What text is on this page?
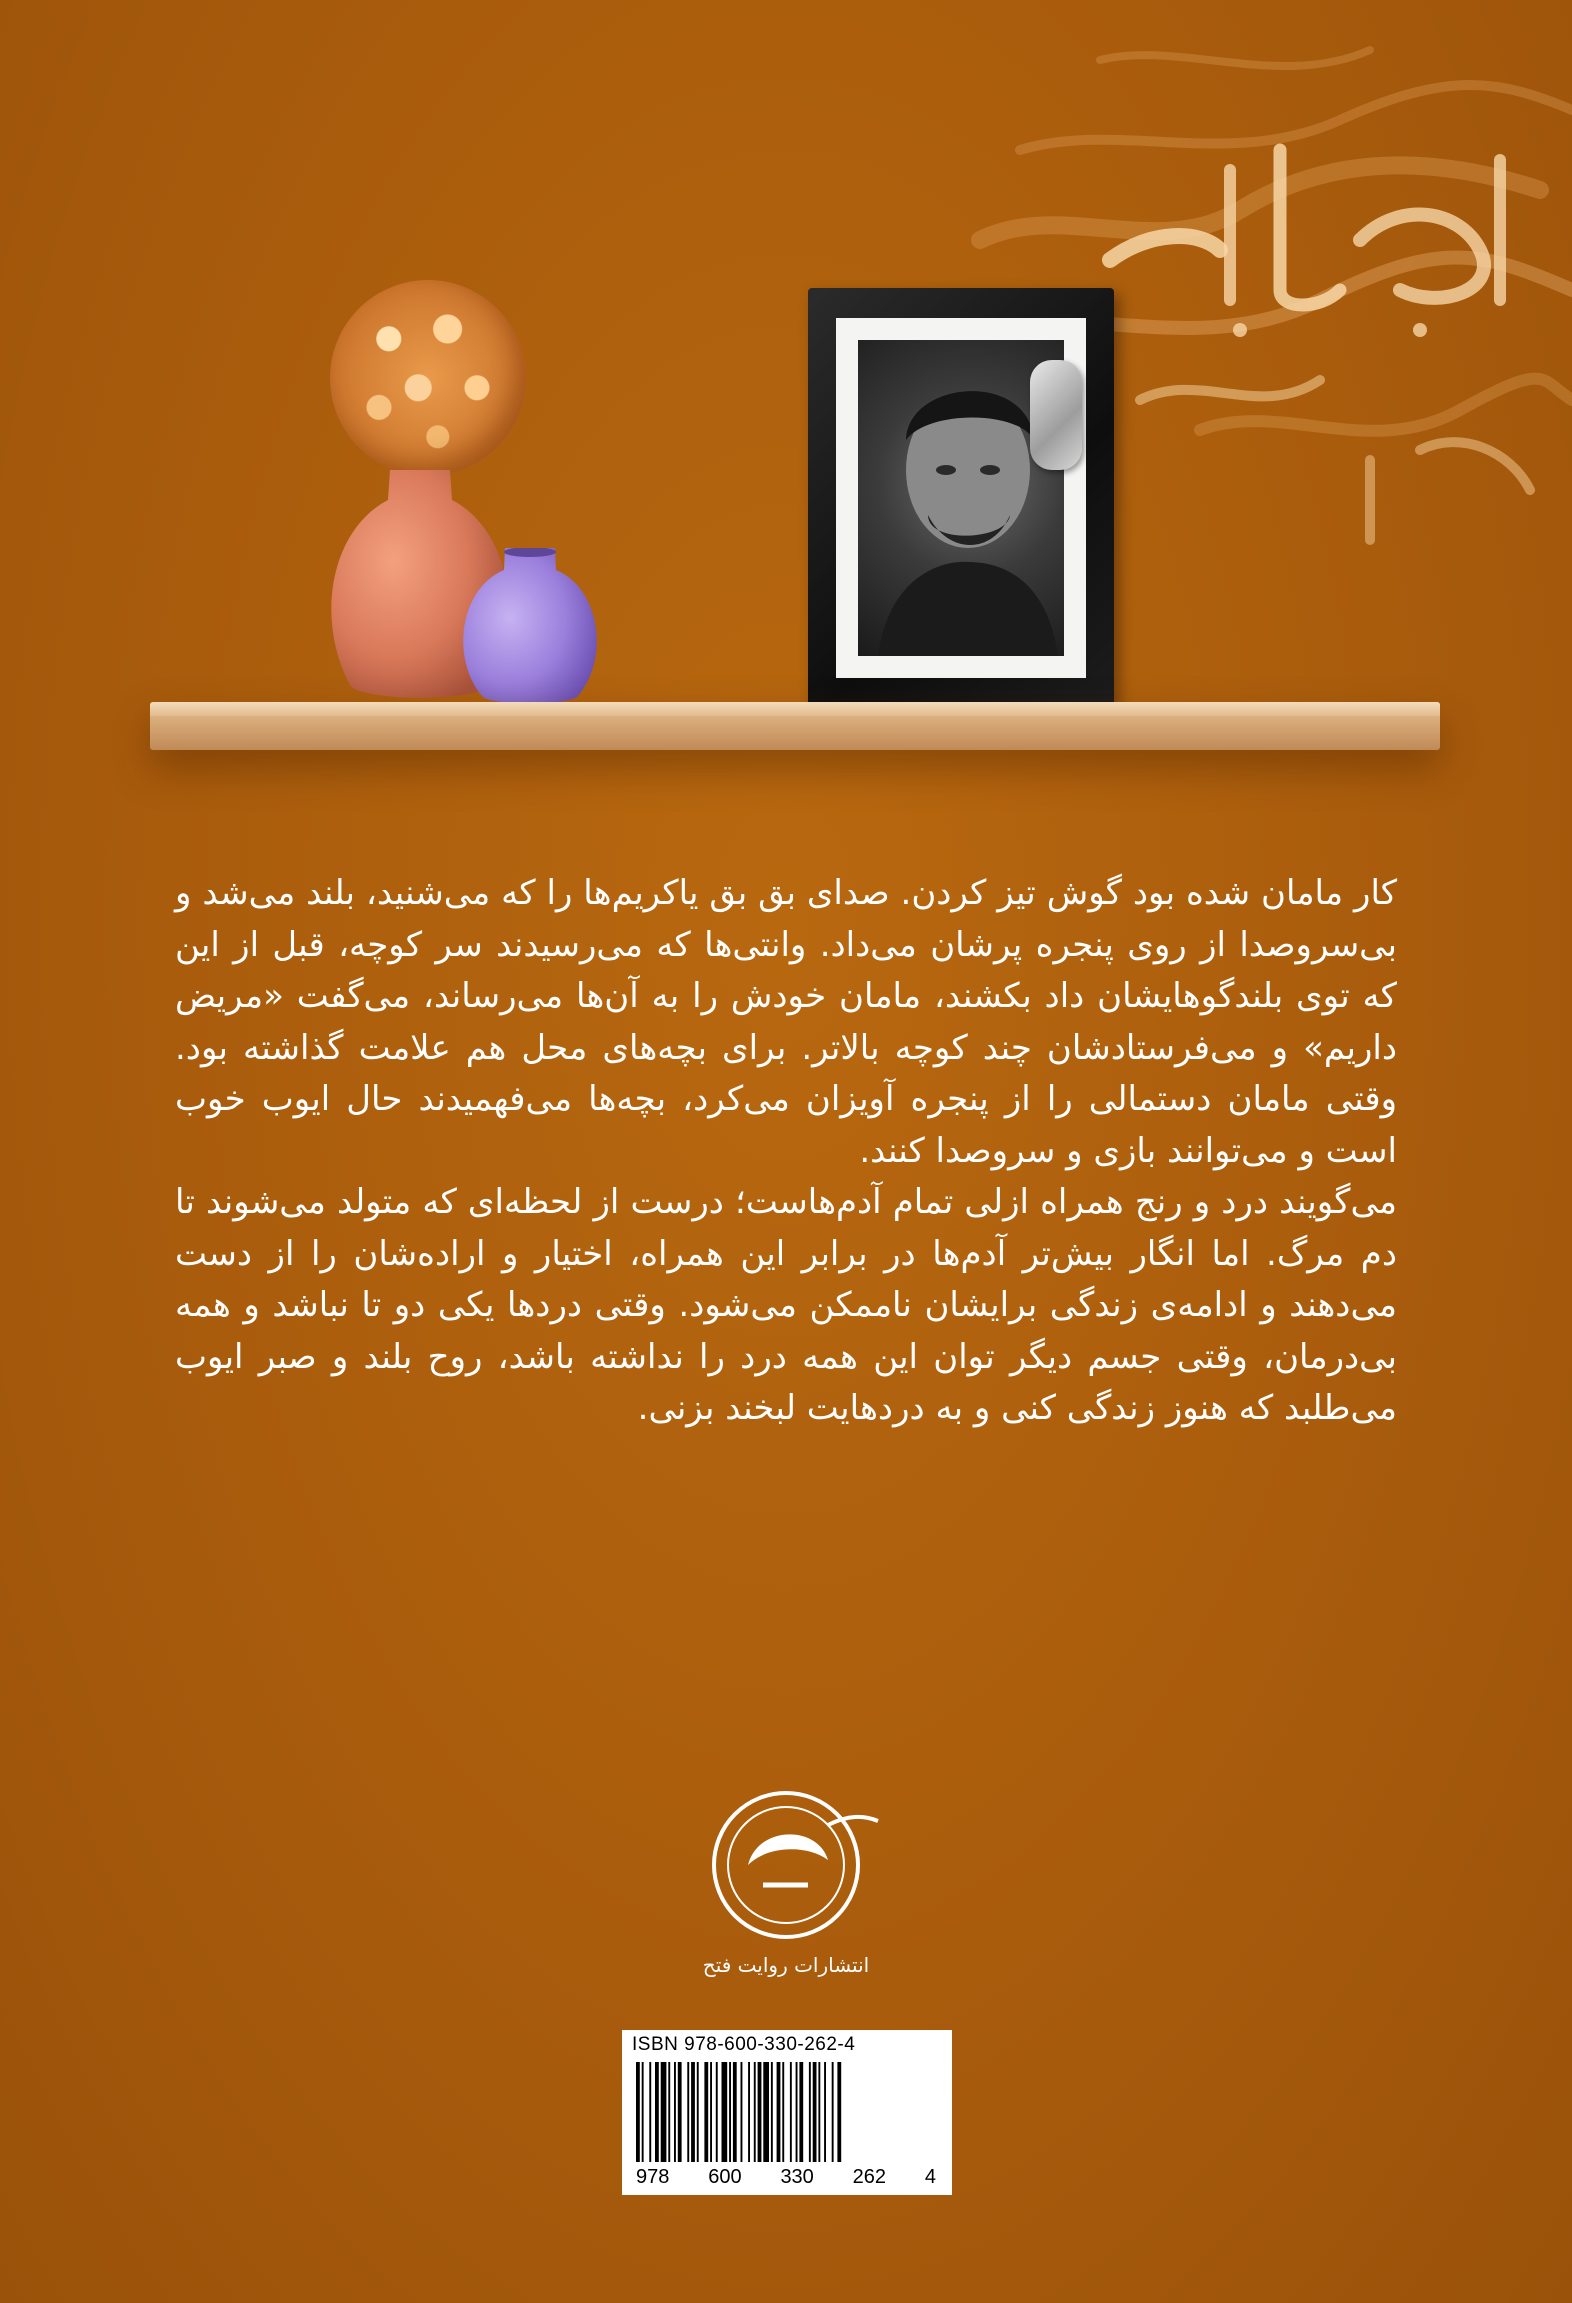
کار مامان شده بود گوش تیز کردن. صدای بق بق یاکریم‌ها را که می‌شنید، بلند می‌شد و بی‌سروصدا از روی پنجره پرشان می‌داد. وانتی‌ها که می‌رسیدند سر کوچه، قبل از این که توی بلندگوهایشان داد بکشند، مامان خودش را به آن‌ها می‌رساند، می‌گفت «مریض داریم» و می‌فرستادشان چند کوچه بالاتر. برای بچه‌های محل هم علامت گذاشته بود. وقتی مامان دستمالی را از پنجره آویزان می‌کرد، بچه‌ها می‌فهمیدند حال ایوب خوب است و می‌توانند بازی و سروصدا کنند.

می‌گویند درد و رنج همراه ازلی تمام آدم‌هاست؛ درست از لحظه‌ای که متولد می‌شوند تا دم مرگ. اما انگار بیش‌تر آدم‌ها در برابر این همراه، اختیار و اراده‌شان را از دست می‌دهند و ادامه‌ی زندگی برایشان ناممکن می‌شود. وقتی دردها یکی دو تا نباشد و همه بی‌درمان، وقتی جسم دیگر توان این همه درد را نداشته باشد، روح بلند و صبر ایوب می‌طلبد که هنوز زندگی کنی و به دردهایت لبخند بزنی.

انتشارات روایت فتح
ISBN 978-600-330-262-4
978 600 330 262 4
